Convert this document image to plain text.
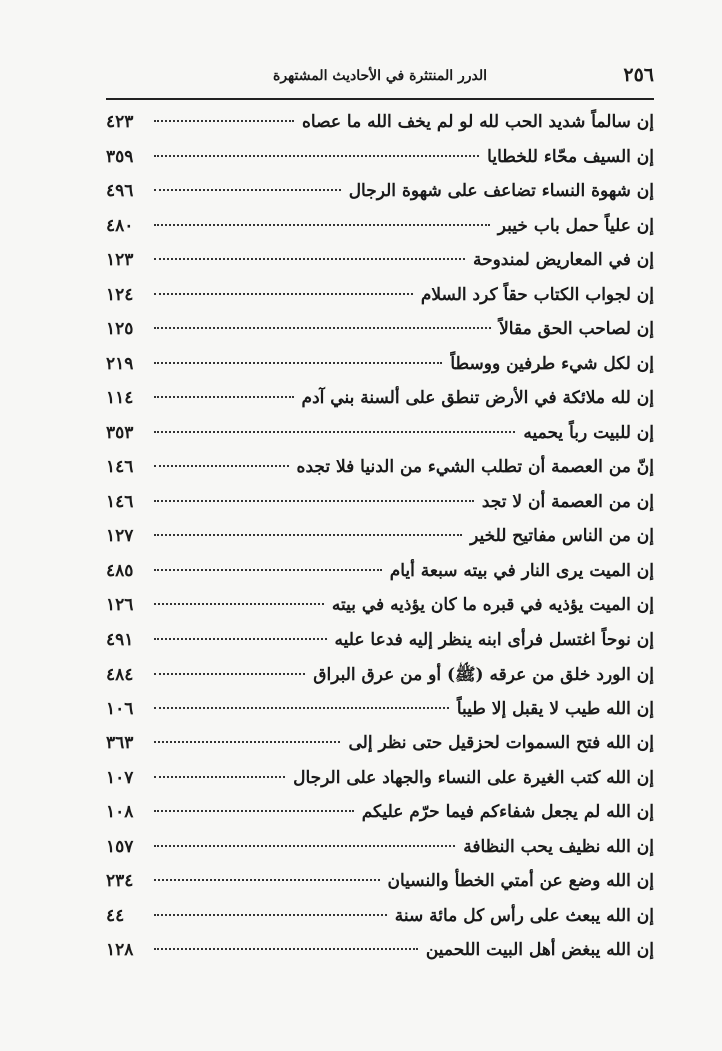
٢٥٦
الدرر المنتثرة في الأحاديث المشتهرة
إن سالماً شديد الحب لله لو لم يخف الله ما عصاه
٤٢٣
إن السيف محّاء للخطايا
٣٥٩
إن شهوة النساء تضاعف على شهوة الرجال
٤٩٦
إن علياً حمل باب خيبر
٤٨٠
إن في المعاريض لمندوحة
١٢٣
إن لجواب الكتاب حقاً كرد السلام
١٢٤
إن لصاحب الحق مقالاً
١٢٥
إن لكل شيء طرفين ووسطاً
٢١٩
إن لله ملائكة في الأرض تنطق على ألسنة بني آدم
١١٤
إن للبيت رباً يحميه
٣٥٣
إنّ من العصمة أن تطلب الشيء من الدنيا فلا تجده
١٤٦
إن من العصمة أن لا تجد
١٤٦
إن من الناس مفاتيح للخير
١٢٧
إن الميت يرى النار في بيته سبعة أيام
٤٨٥
إن الميت يؤذيه في قبره ما كان يؤذيه في بيته
١٢٦
إن نوحاً اغتسل فرأى ابنه ينظر إليه فدعا عليه
٤٩١
إن الورد خلق من عرقه (ﷺ) أو من عرق البراق
٤٨٤
إن الله طيب لا يقبل إلا طيباً
١٠٦
إن الله فتح السموات لحزقيل حتى نظر إلى
٣٦٣
إن الله كتب الغيرة على النساء والجهاد على الرجال
١٠٧
إن الله لم يجعل شفاءكم فيما حرّم عليكم
١٠٨
إن الله نظيف يحب النظافة
١٥٧
إن الله وضع عن أمتي الخطأ والنسيان
٢٣٤
إن الله يبعث على رأس كل مائة سنة
٤٤
إن الله يبغض أهل البيت اللحمين
١٢٨
